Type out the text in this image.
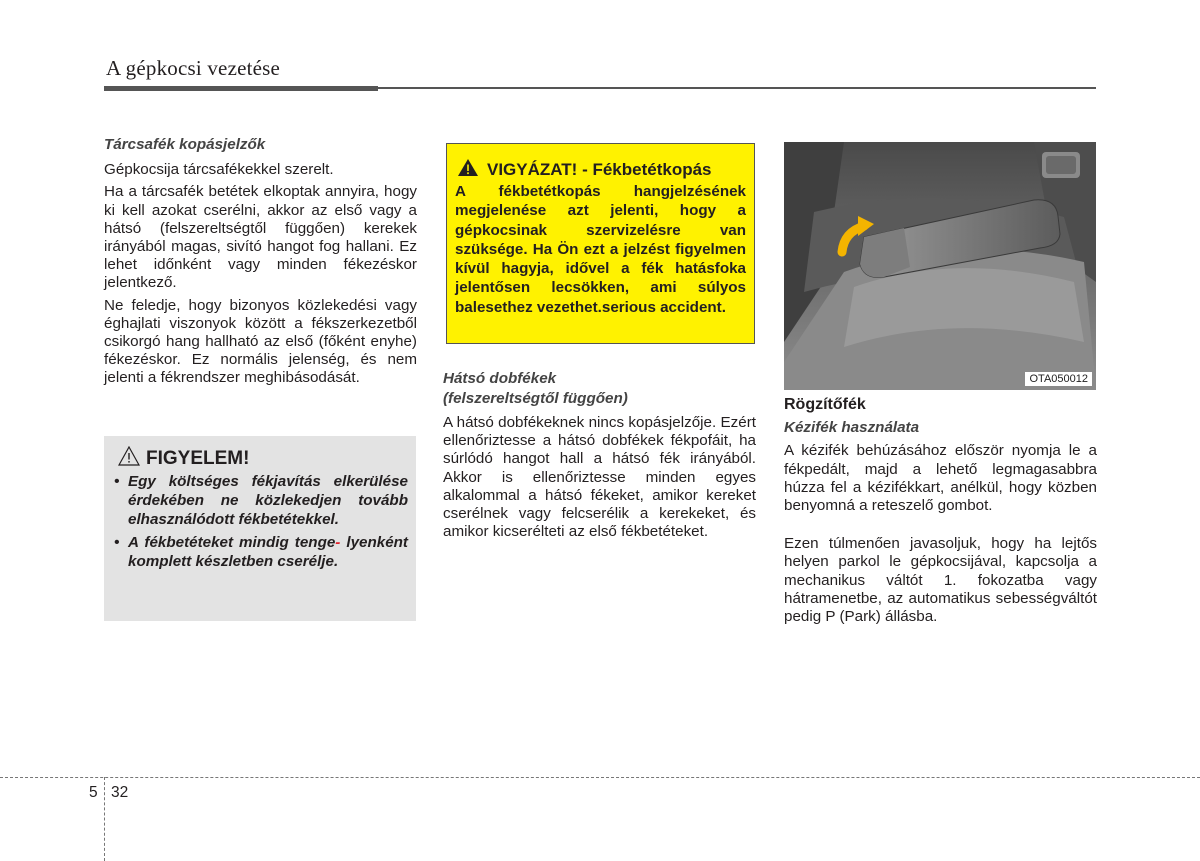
A gépkocsi vezetése

Tárcsafék kopásjelzők

Gépkocsija tárcsafékekkel szerelt.

Ha a tárcsafék betétek elkoptak annyira, hogy ki kell azokat cserélni, akkor az első vagy a hátsó (felszereltségtől függően) kerekek irányából magas, sivító hangot fog hallani. Ez lehet időnként vagy minden fékezéskor jelentkező.

Ne feledje, hogy bizonyos közlekedési vagy éghajlati viszonyok között a fékszerkezetből csikorgó hang hallható az első (főként enyhe) fékezéskor. Ez normális jelenség, és nem jelenti a fékrendszer meghibásodását.

FIGYELEM!
• Egy költséges fékjavítás elkerülése érdekében ne közlekedjen tovább elhasználódott fékbetétekkel.
• A fékbetéteket mindig tenge- lyenként komplett készletben cserélje.
VIGYÁZAT! - Fékbetétkopás

A fékbetétkopás hangjelzésének megjelenése azt jelenti, hogy a gépkocsinak szervizelésre van szüksége. Ha Ön ezt a jelzést figyelmen kívül hagyja, idővel a fék hatásfoka jelentősen lecsökken, ami súlyos balesethez vezethet.serious accident.

Hátsó dobfékek

(felszereltségtől függően)

A hátsó dobfékeknek nincs kopásjelzője. Ezért ellenőriztesse a hátsó dobfékek fékpofáit, ha súrlódó hangot hall a hátsó fék irányából. Akkor is ellenőriztesse minden egyes alkalommal a hátsó fékeket, amikor kereket cserélnek vagy felcserélik a kerekeket, és amikor kicserélteti az első fékbetéteket.

OTA050012

Rögzítőfék

Kézifék használata

A kézifék behúzásához először nyomja le a fékpedált, majd a lehető legmagasabbra húzza fel a kézifékkart, anélkül, hogy közben benyomná a reteszelő gombot.

Ezen túlmenően javasoljuk, hogy ha lejtős helyen parkol le gépkocsijával, kapcsolja a mechanikus váltót 1. fokozatba vagy hátramenetbe, az automatikus sebességváltót pedig P (Park) állásba.

5 32
